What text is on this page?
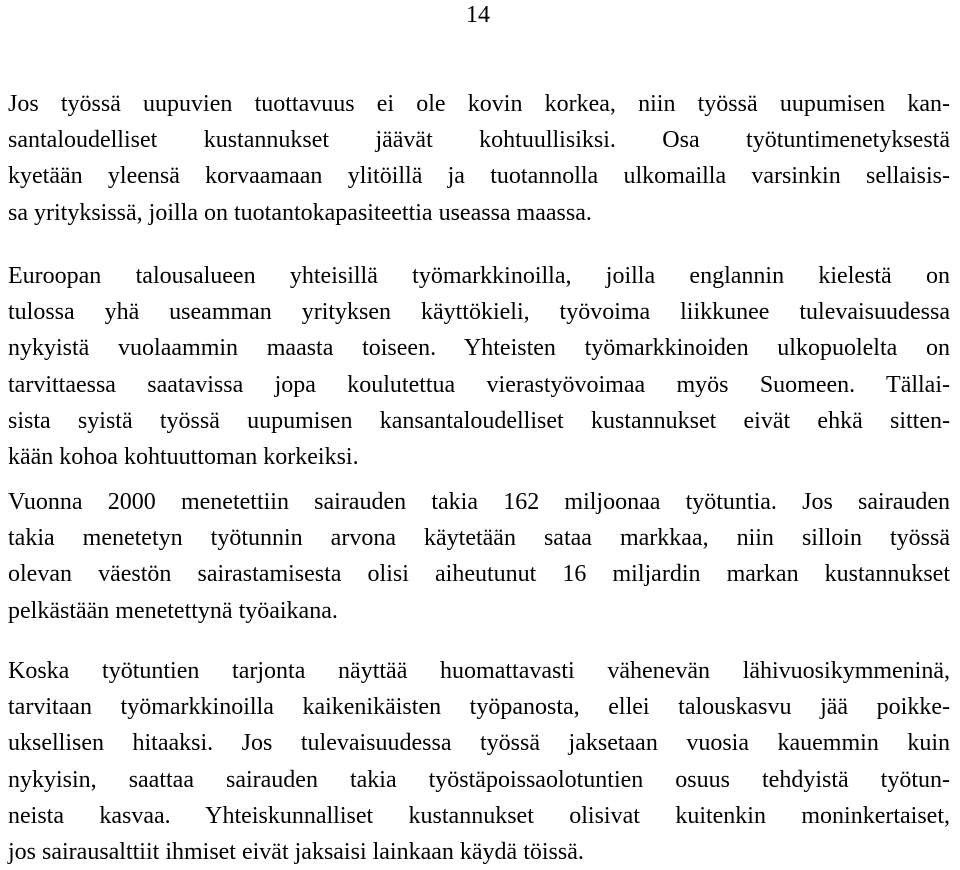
14
Jos työssä uupuvien tuottavuus ei ole kovin korkea, niin työssä uupumisen kan-
santaloudelliset kustannukset jäävät kohtuullisiksi. Osa työtuntimenetyksestä
kyetään yleensä korvaamaan ylitöillä ja tuotannolla ulkomailla varsinkin sellaisis-
sa yrityksissä, joilla on tuotantokapasiteettia useassa maassa.
Euroopan talousalueen yhteisillä työmarkkinoilla, joilla englannin kielestä on
tulossa yhä useamman yrityksen käyttökieli, työvoima liikkunee tulevaisuudessa
nykyistä vuolaammin maasta toiseen. Yhteisten työmarkkinoiden ulkopuolelta on
tarvittaessa saatavissa jopa koulutettua vierastyövoimaa myös Suomeen. Tällai-
sista syistä työssä uupumisen kansantaloudelliset kustannukset eivät ehkä sitten-
kään kohoa kohtuuttoman korkeiksi.
Vuonna 2000 menetettiin sairauden takia 162 miljoonaa työtuntia. Jos sairauden
takia menetetyn työtunnin arvona käytetään sataa markkaa, niin silloin työssä
olevan väestön sairastamisesta olisi aiheutunut 16 miljardin markan kustannukset
pelkästään menetettynä työaikana.
Koska työtuntien tarjonta näyttää huomattavasti vähenevän lähivuosikymmeninä,
tarvitaan työmarkkinoilla kaikenikäisten työpanosta, ellei talouskasvu jää poikke-
uksellisen hitaaksi. Jos tulevaisuudessa työssä jaksetaan vuosia kauemmin kuin
nykyisin, saattaa sairauden takia työstäpoissaolotuntien osuus tehdyistä työtun-
neista kasvaa. Yhteiskunnalliset kustannukset olisivat kuitenkin moninkertaiset,
jos sairausalttiit ihmiset eivät jaksaisi lainkaan käydä töissä.
